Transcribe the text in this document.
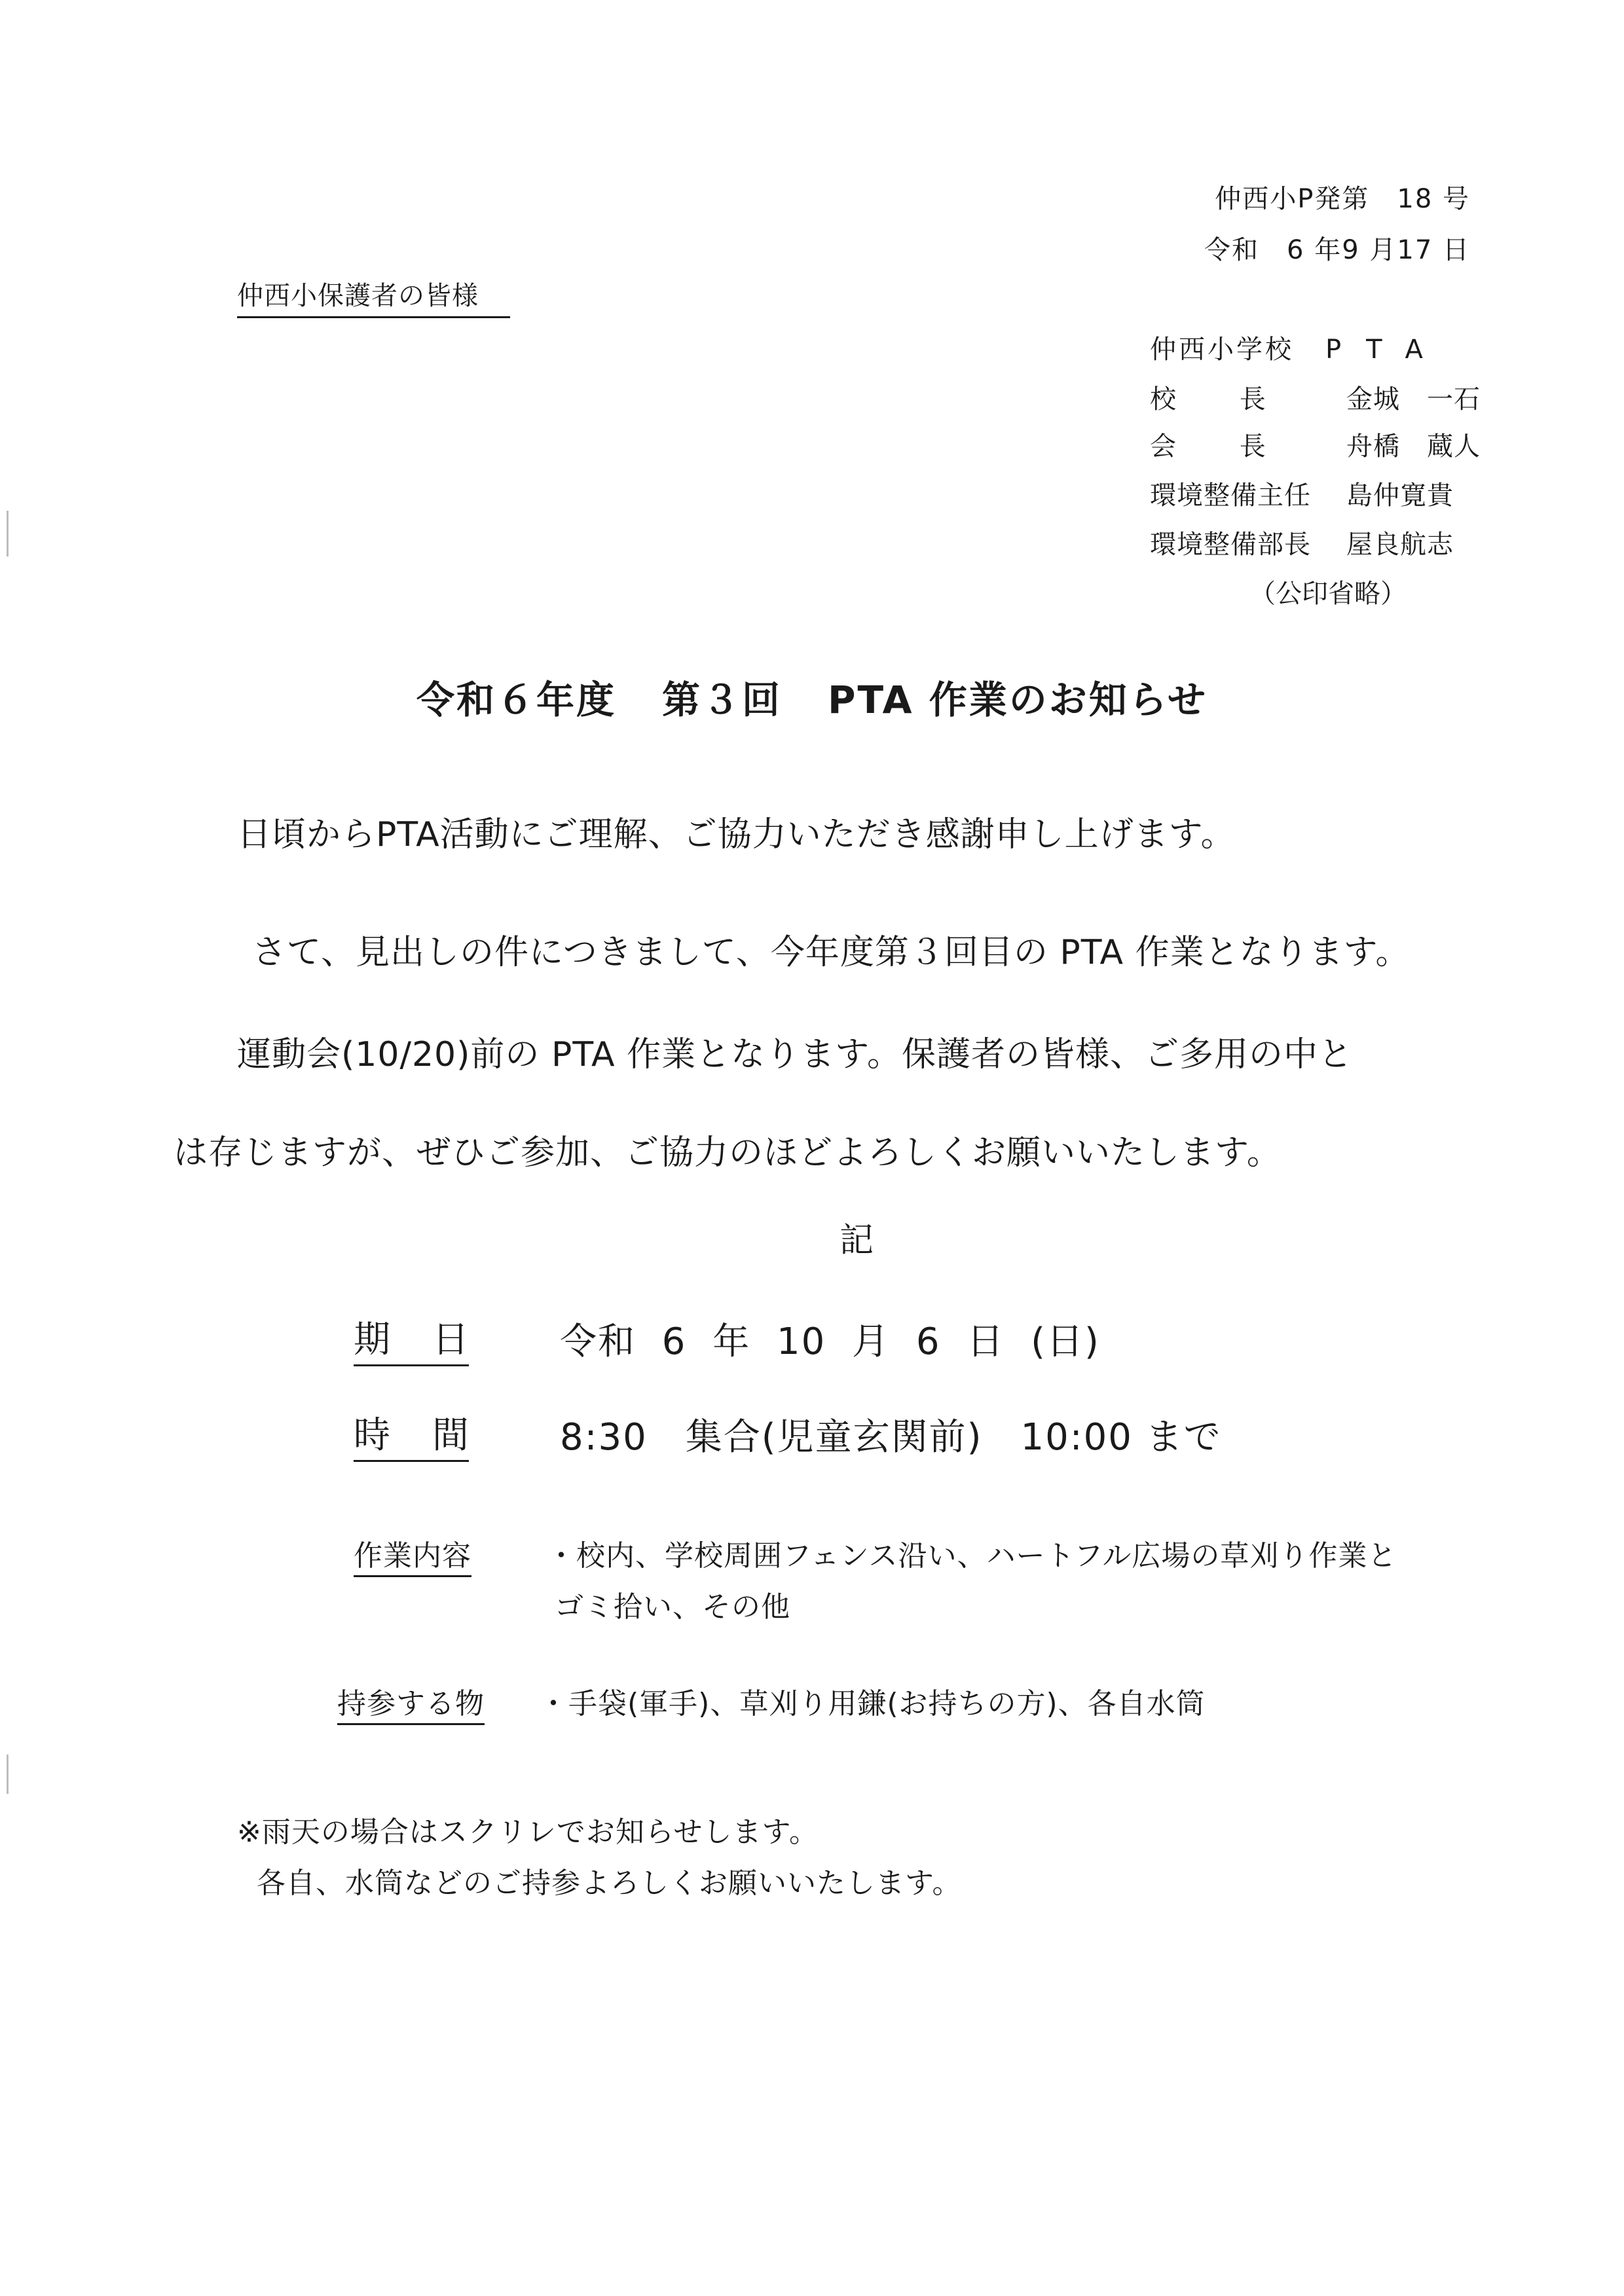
仲西小P発第　18 号
令和　6 年9 月17 日
仲西小保護者の皆様
仲西小学校 PTA
校　　 長	金城　一石
会　　 長	舟橋　蔵人
環境整備主任 島仲寛貴
環境整備部長 屋良航志
（公印省略）
令和６年度 第３回 PTA 作業のお知らせ
日頃からPTA活動にご理解、ご協力いただき感謝申し上げます。
さて、見出しの件につきまして、今年度第３回目の PTA 作業となります。
運動会(10/20)前の PTA 作業となります。保護者の皆様、ご多用の中と
は存じますが、ぜひご参加、ご協力のほどよろしくお願いいたします。
記
期日 令和 6 年 10 月 6 日 (日)
時間 8:30　集合(児童玄関前)　10:00 まで
作業内容	・校内、学校周囲フェンス沿い、ハートフル広場の草刈り作業と
ゴミ拾い、その他
持参する物 ・手袋(軍手)、草刈り用鎌(お持ちの方)、各自水筒
※雨天の場合はスクリレでお知らせします。
各自、水筒などのご持参よろしくお願いいたします。
